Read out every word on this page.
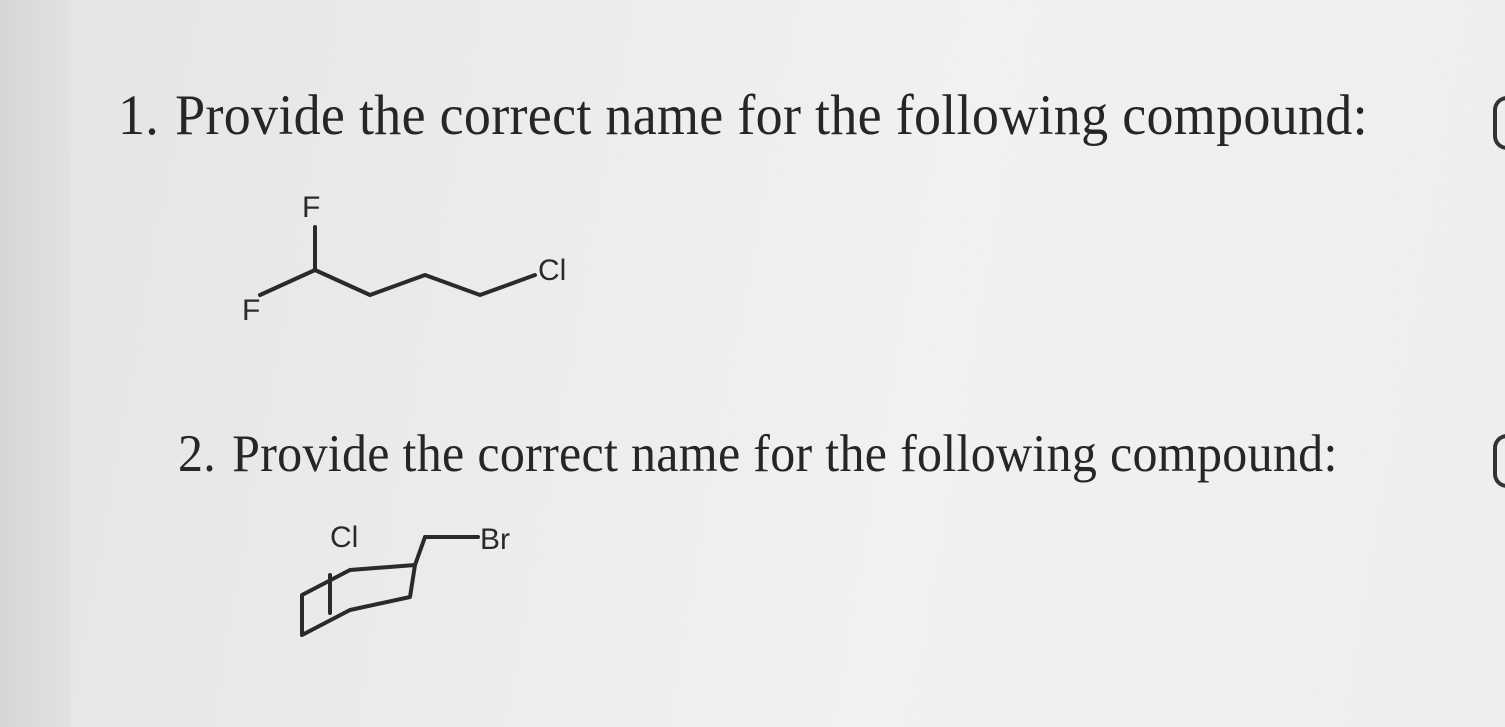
1. Provide the correct name for the following compound:
F
F
Cl
2. Provide the correct name for the following compound:
Cl	Br
